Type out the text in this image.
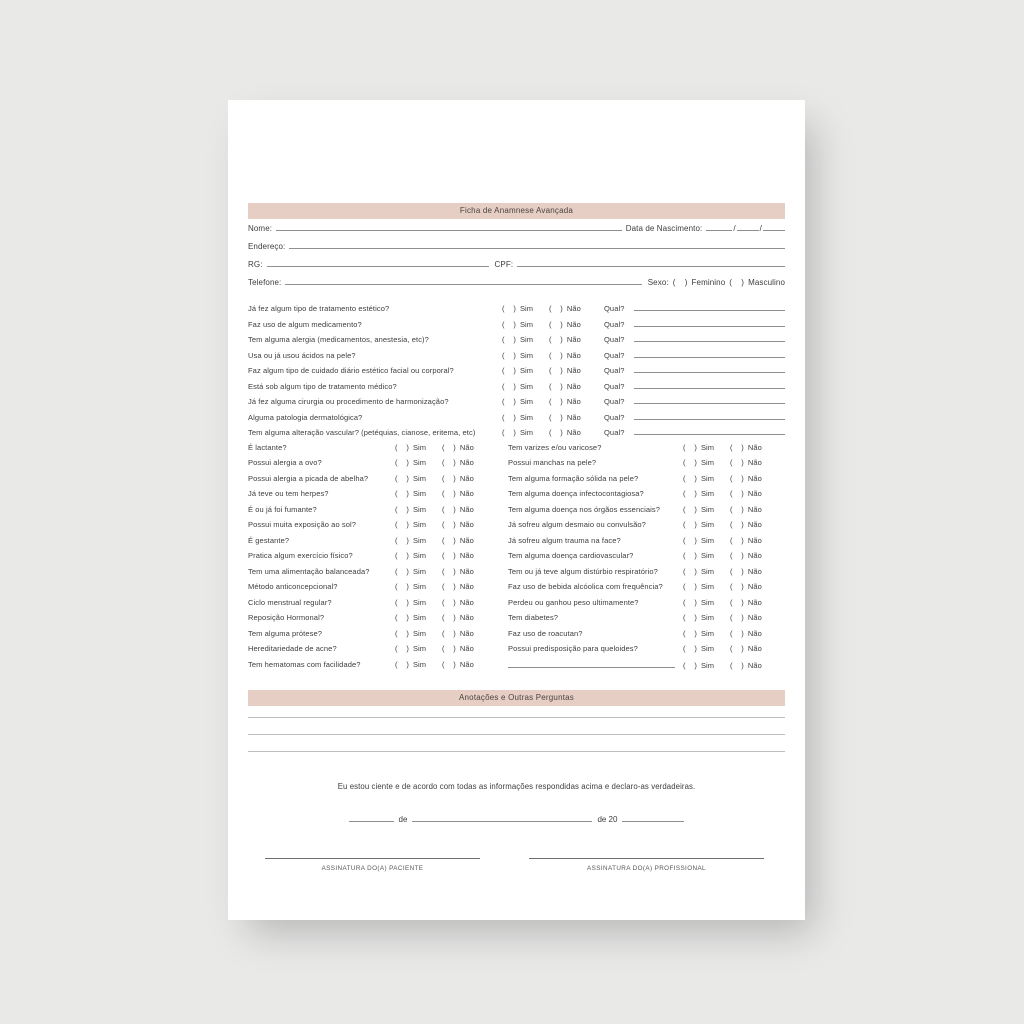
Ficha de Anamnese Avançada
Nome:	Data de Nascimento:	/	/
Endereço:
RG:	CPF:
Telefone:	Sexo: (    ) Feminino (    ) Masculino
Já fez algum tipo de tratamento estético?	(    ) Sim	(    ) Não	Qual?
Faz uso de algum medicamento?	(    ) Sim	(    ) Não	Qual?
Tem alguma alergia (medicamentos, anestesia, etc)?	(    ) Sim	(    ) Não	Qual?
Usa ou já usou ácidos na pele?	(    ) Sim	(    ) Não	Qual?
Faz algum tipo de cuidado diário estético facial ou corporal?	(    ) Sim	(    ) Não	Qual?
Está sob algum tipo de tratamento médico?	(    ) Sim	(    ) Não	Qual?
Já fez alguma cirurgia ou procedimento de harmonização?	(    ) Sim	(    ) Não	Qual?
Alguma patologia dermatológica?	(    ) Sim	(    ) Não	Qual?
Tem alguma alteração vascular? (petéquias, cianose, eritema, etc)	(    ) Sim	(    ) Não	Qual?
É lactante?	(    ) Sim	(    ) Não
Possui alergia a ovo?	(    ) Sim	(    ) Não
Possui alergia a picada de abelha?	(    ) Sim	(    ) Não
Já teve ou tem herpes?	(    ) Sim	(    ) Não
É ou já foi fumante?	(    ) Sim	(    ) Não
Possui muita exposição ao sol?	(    ) Sim	(    ) Não
É gestante?	(    ) Sim	(    ) Não
Pratica algum exercício físico?	(    ) Sim	(    ) Não
Tem uma alimentação balanceada?	(    ) Sim	(    ) Não
Método anticoncepcional?	(    ) Sim	(    ) Não
Ciclo menstrual regular?	(    ) Sim	(    ) Não
Reposição Hormonal?	(    ) Sim	(    ) Não
Tem alguma prótese?	(    ) Sim	(    ) Não
Hereditariedade de acne?	(    ) Sim	(    ) Não
Tem hematomas com facilidade?	(    ) Sim	(    ) Não
Tem varizes e/ou varicose?	(    ) Sim	(    ) Não
Possui manchas na pele?	(    ) Sim	(    ) Não
Tem alguma formação sólida na pele?	(    ) Sim	(    ) Não
Tem alguma doença infectocontagiosa?	(    ) Sim	(    ) Não
Tem alguma doença nos órgãos essenciais?	(    ) Sim	(    ) Não
Já sofreu algum desmaio ou convulsão?	(    ) Sim	(    ) Não
Já sofreu algum trauma na face?	(    ) Sim	(    ) Não
Tem alguma doença cardiovascular?	(    ) Sim	(    ) Não
Tem ou já teve algum distúrbio respiratório?	(    ) Sim	(    ) Não
Faz uso de bebida alcóolica com frequência?	(    ) Sim	(    ) Não
Perdeu ou ganhou peso ultimamente?	(    ) Sim	(    ) Não
Tem diabetes?	(    ) Sim	(    ) Não
Faz uso de roacutan?	(    ) Sim	(    ) Não
Possui predisposição para queloides?	(    ) Sim	(    ) Não
(    ) Sim	(    ) Não
Anotações e Outras Perguntas
Eu estou ciente e de acordo com todas as informações respondidas acima e declaro-as verdadeiras.
de	de 20
ASSINATURA DO(A) PACIENTE	ASSINATURA DO(A) PROFISSIONAL
